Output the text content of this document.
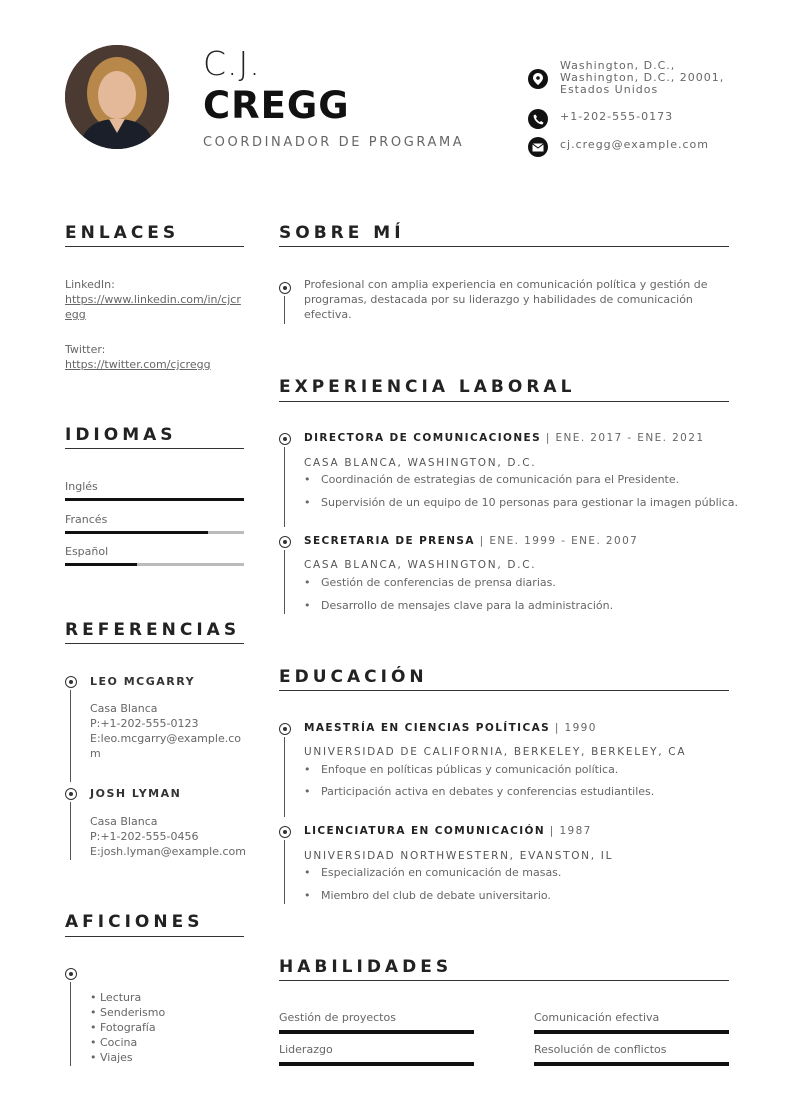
C.J.
CREGG
COORDINADOR DE PROGRAMA
Washington, D.C.,
Washington, D.C., 20001,
Estados Unidos
+1-202-555-0173
cj.cregg@example.com
ENLACES
LinkedIn:
https://www.linkedin.com/in/cjcr
egg
Twitter:
https://twitter.com/cjcregg
IDIOMAS
Inglés
Francés
Español
REFERENCIAS
LEO MCGARRY
Casa Blanca
P:+1-202-555-0123
E:leo.mcgarry@example.co
m
JOSH LYMAN
Casa Blanca
P:+1-202-555-0456
E:josh.lyman@example.com
AFICIONES
• Lectura
• Senderismo
• Fotografía
• Cocina
• Viajes
SOBRE MÍ
Profesional con amplia experiencia en comunicación política y gestión de
programas, destacada por su liderazgo y habilidades de comunicación
efectiva.
EXPERIENCIA LABORAL
DIRECTORA DE COMUNICACIONES | ENE. 2017 - ENE. 2021
CASA BLANCA, WASHINGTON, D.C.
•   Coordinación de estrategias de comunicación para el Presidente.
•   Supervisión de un equipo de 10 personas para gestionar la imagen pública.
SECRETARIA DE PRENSA | ENE. 1999 - ENE. 2007
CASA BLANCA, WASHINGTON, D.C.
•   Gestión de conferencias de prensa diarias.
•   Desarrollo de mensajes clave para la administración.
EDUCACIÓN
MAESTRÍA EN CIENCIAS POLÍTICAS | 1990
UNIVERSIDAD DE CALIFORNIA, BERKELEY, BERKELEY, CA
•   Enfoque en políticas públicas y comunicación política.
•   Participación activa en debates y conferencias estudiantiles.
LICENCIATURA EN COMUNICACIÓN | 1987
UNIVERSIDAD NORTHWESTERN, EVANSTON, IL
•   Especialización en comunicación de masas.
•   Miembro del club de debate universitario.
HABILIDADES
Gestión de proyectos	Comunicación efectiva
Liderazgo	Resolución de conflictos
